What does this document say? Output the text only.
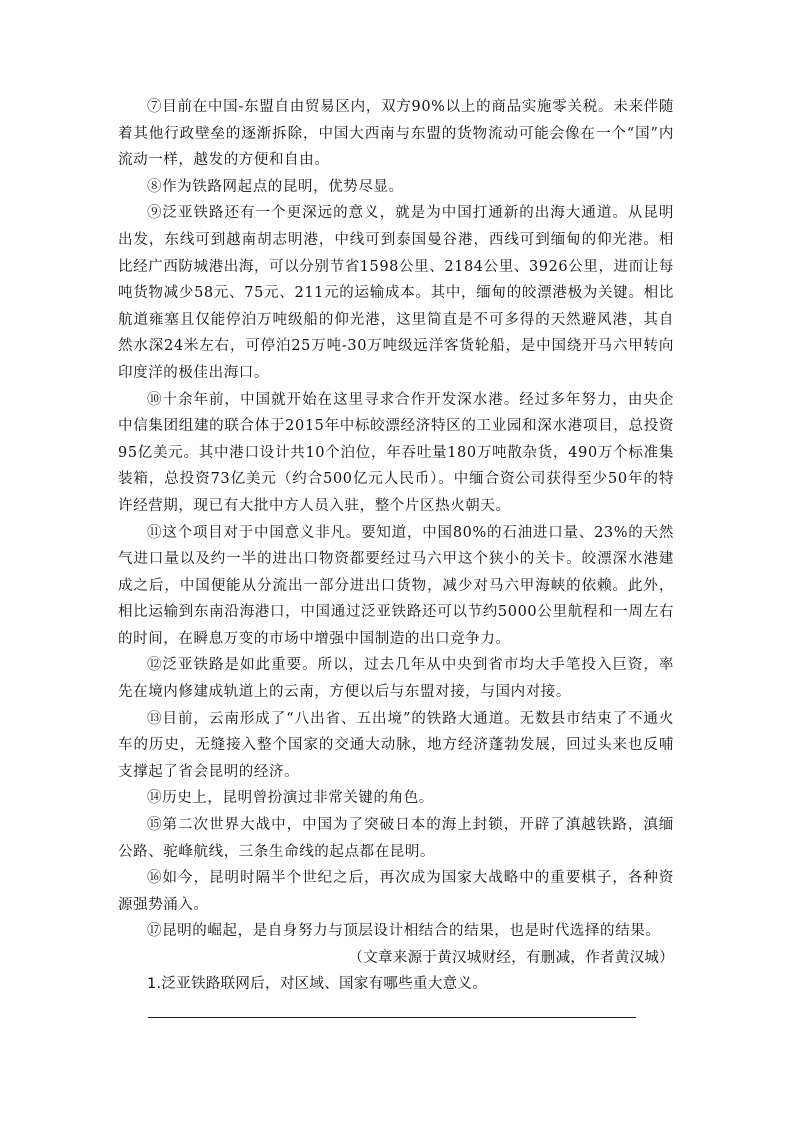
⑦目前在中国-东盟自由贸易区内，双方90%以上的商品实施零关税。未来伴随着其他行政壁垒的逐渐拆除，中国大西南与东盟的货物流动可能会像在一个“国”内流动一样，越发的方便和自由。

⑧作为铁路网起点的昆明，优势尽显。

⑨泛亚铁路还有一个更深远的意义，就是为中国打通新的出海大通道。从昆明出发，东线可到越南胡志明港，中线可到泰国曼谷港，西线可到缅甸的仰光港。相比经广西防城港出海，可以分别节省1598公里、2184公里、3926公里，进而让每吨货物减少58元、75元、211元的运输成本。其中，缅甸的皎漂港极为关键。相比航道雍塞且仅能停泊万吨级船的仰光港，这里简直是不可多得的天然避风港，其自然水深24米左右，可停泊25万吨-30万吨级远洋客货轮船，是中国绕开马六甲转向印度洋的极佳出海口。

⑩十余年前，中国就开始在这里寻求合作开发深水港。经过多年努力，由央企中信集团组建的联合体于2015年中标皎漂经济特区的工业园和深水港项目，总投资95亿美元。其中港口设计共10个泊位，年吞吐量180万吨散杂货，490万个标准集装箱，总投资73亿美元（约合500亿元人民币）。中缅合资公司获得至少50年的特许经营期，现已有大批中方人员入驻，整个片区热火朝天。

⑪这个项目对于中国意义非凡。要知道，中国80%的石油进口量、23%的天然气进口量以及约一半的进出口物资都要经过马六甲这个狭小的关卡。皎漂深水港建成之后，中国便能从分流出一部分进出口货物，减少对马六甲海峡的依赖。此外，相比运输到东南沿海港口，中国通过泛亚铁路还可以节约5000公里航程和一周左右的时间，在瞬息万变的市场中增强中国制造的出口竞争力。

⑫泛亚铁路是如此重要。所以，过去几年从中央到省市均大手笔投入巨资，率先在境内修建成轨道上的云南，方便以后与东盟对接，与国内对接。

⑬目前，云南形成了“八出省、五出境”的铁路大通道。无数县市结束了不通火车的历史，无缝接入整个国家的交通大动脉，地方经济蓬勃发展，回过头来也反哺支撑起了省会昆明的经济。

⑭历史上，昆明曾扮演过非常关键的角色。

⑮第二次世界大战中，中国为了突破日本的海上封锁，开辟了滇越铁路，滇缅公路、驼峰航线，三条生命线的起点都在昆明。

⑯如今，昆明时隔半个世纪之后，再次成为国家大战略中的重要棋子，各种资源强势涌入。

⑰昆明的崛起，是自身努力与顶层设计相结合的结果，也是时代选择的结果。

（文章来源于黄汉城财经，有删减，作者黄汉城）

1.泛亚铁路联网后，对区域、国家有哪些重大意义。
